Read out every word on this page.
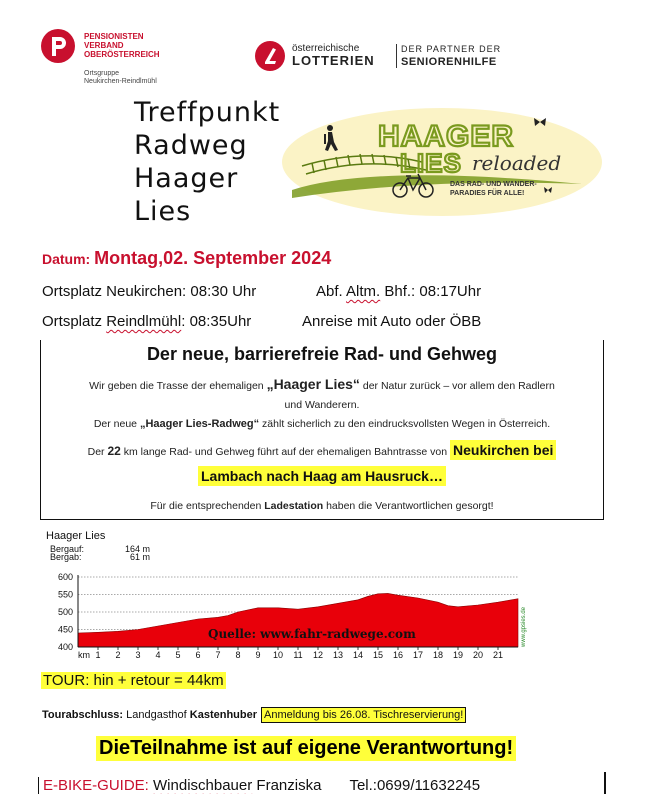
PENSIONISTEN
VERBAND
OBERÖSTERREICH
Ortsgruppe
Neukirchen-Reindlmühl
österreichische
LOTTERIEN
DER PARTNER DER
SENIORENHILFE
Treffpunkt
Radweg
Haager
Lies
HAAGER
LIES reloaded
DAS RAD- UND WANDER-
PARADIES FÜR ALLE!
Datum: Montag,02. September 2024
Ortsplatz Neukirchen: 08:30 Uhr	Abf. Altm. Bhf.: 08:17Uhr
Ortsplatz Reindlmühl: 08:35Uhr	Anreise mit Auto oder ÖBB
Der neue, barrierefreie Rad- und Gehweg
Wir geben die Trasse der ehemaligen „Haager Lies“ der Natur zurück – vor allem den Radlern
und Wanderern.
Der neue „Haager Lies-Radweg“ zählt sicherlich zu den eindrucksvollsten Wegen in Österreich.
Der 22 km lange Rad- und Gehweg führt auf der ehemaligen Bahntrasse von Neukirchen bei
Lambach nach Haag am Hausruck…
Für die entsprechenden Ladestation haben die Verantwortlichen gesorgt!
Haager Lies
Bergauf:	164 m
Bergab:	61 m
400
450
500
550
600
km 1 2 3 4 5 6 7 8 9 10 11 12 13 14 15 16 17 18 19 20 21
Quelle: www.fahr-radwege.com	www.gpsies.de
TOUR: hin + retour = 44km
Tourabschluss: Landgasthof Kastenhuber Anmeldung bis 26.08. Tischreservierung!
DieTeilnahme ist auf eigene Verantwortung!
E-BIKE-GUIDE: Windischbauer Franziska Tel.:0699/11632245
